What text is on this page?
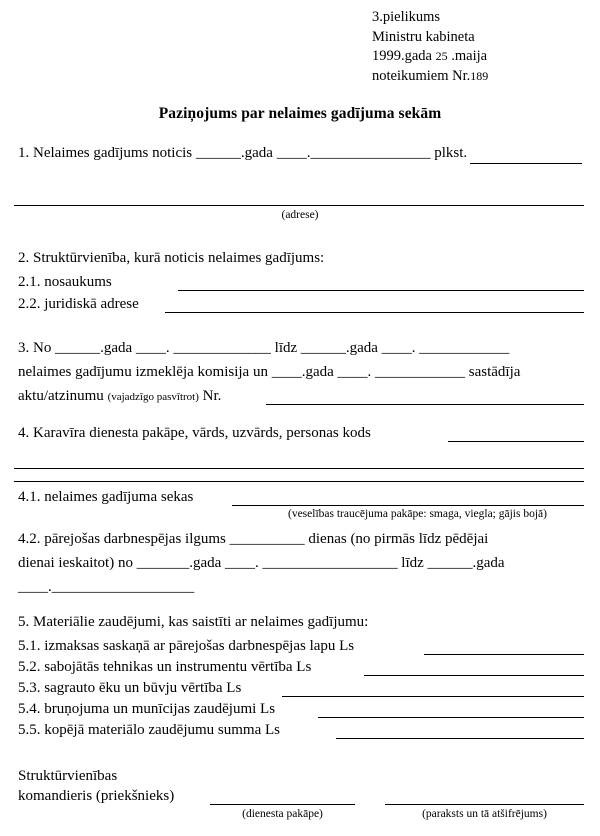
3.pielikums
Ministru kabineta
1999.gada 25 .maija
noteikumiem Nr.189
Paziņojums par nelaimes gadījuma sekām
1. Nelaimes gadījums noticis ______.gada ____.________________ plkst.
(adrese)
2. Struktūrvienība, kurā noticis nelaimes gadījums:
2.1. nosaukums
2.2. juridiskā adrese
3. No ______.gada ____. _____________ līdz ______.gada ____. ____________
nelaimes gadījumu izmeklēja komisija un ____.gada ____. ____________ sastādīja
aktu/atzinumu (vajadzīgo pasvītrot) Nr.
4. Karavīra dienesta pakāpe, vārds, uzvārds, personas kods
4.1. nelaimes gadījuma sekas
(veselības traucējuma pakāpe: smaga, viegla; gājis bojā)
4.2. pārejošas darbnespējas ilgums __________ dienas (no pirmās līdz pēdējai
dienai ieskaitot) no _______.gada ____. __________________ līdz ______.gada
____.___________________
5. Materiālie zaudējumi, kas saistīti ar nelaimes gadījumu:
5.1. izmaksas saskaņā ar pārejošas darbnespējas lapu Ls
5.2. sabojātās tehnikas un instrumentu vērtība Ls
5.3. sagrauto ēku un būvju vērtība Ls
5.4. bruņojuma un munīcijas zaudējumi Ls
5.5. kopējā materiālo zaudējumu summa Ls
Struktūrvienības
komandieris (priekšnieks)
(dienesta pakāpe)	(paraksts un tā atšifrējums)
